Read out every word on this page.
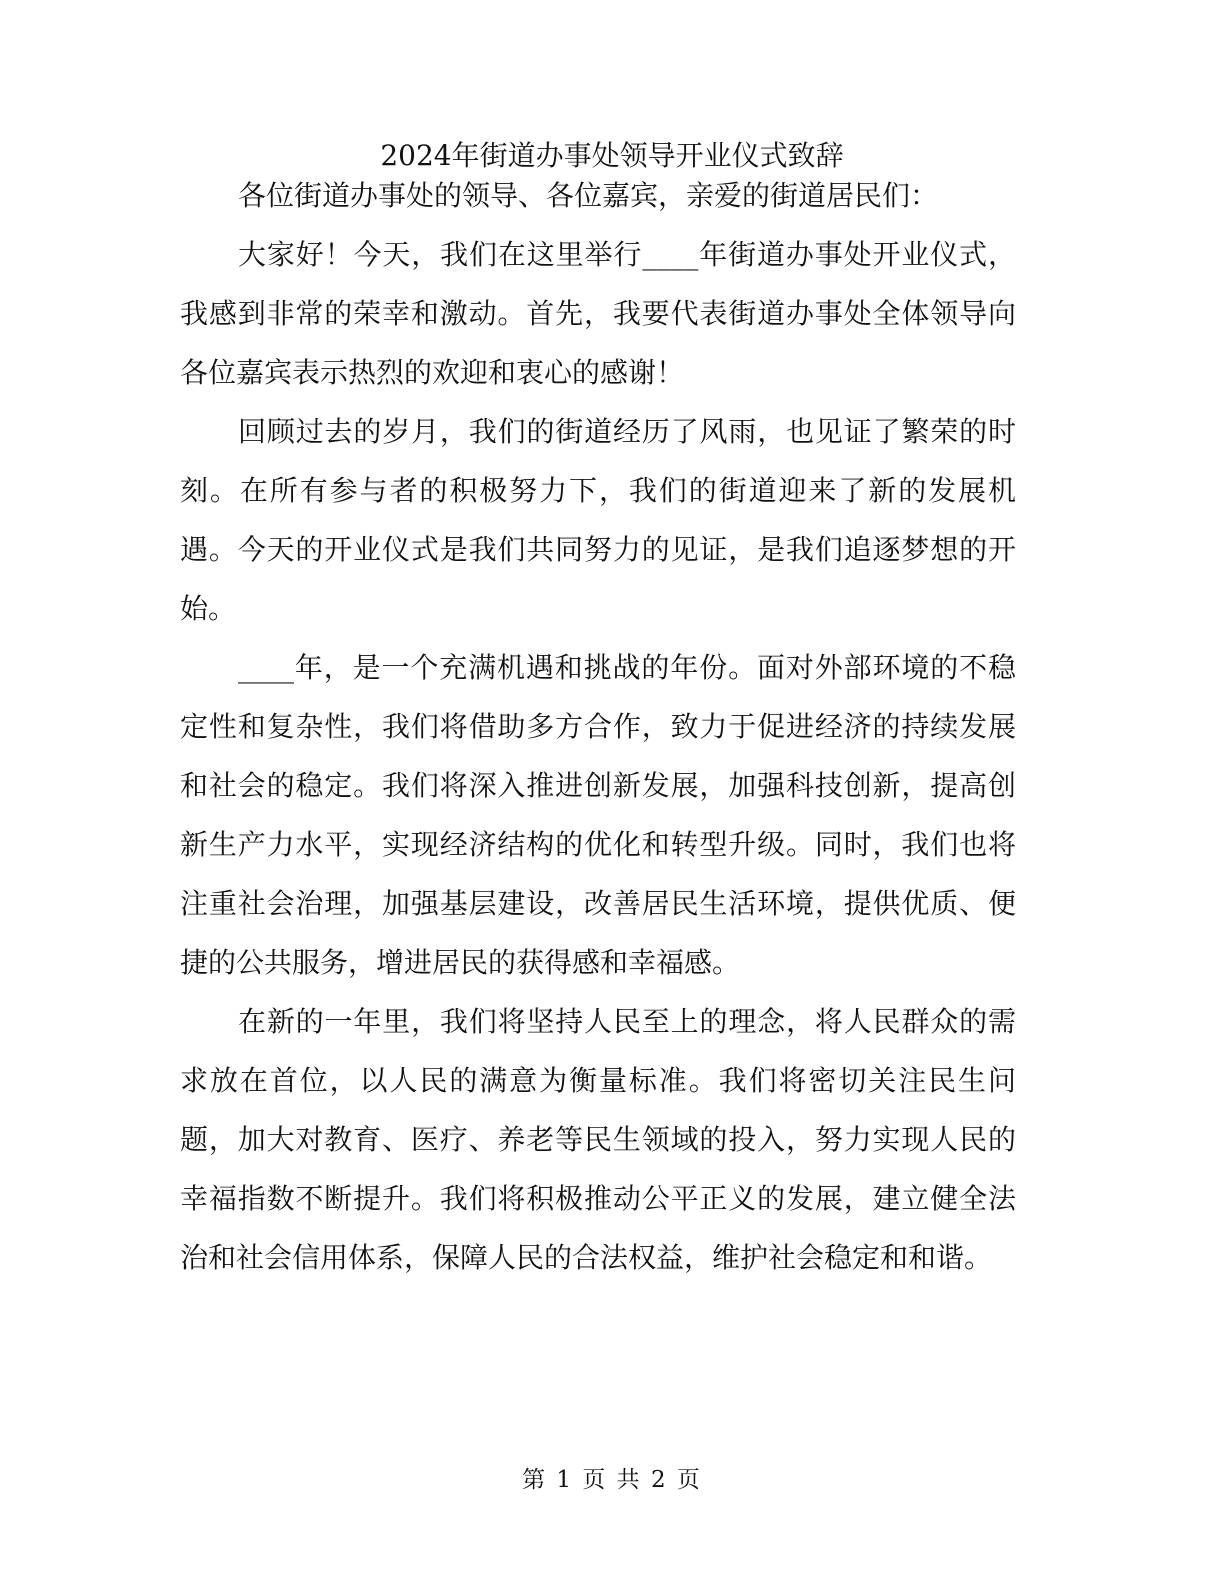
2024年街道办事处领导开业仪式致辞

各位街道办事处的领导、各位嘉宾，亲爱的街道居民们：

大家好！今天，我们在这里举行____年街道办事处开业仪式，我感到非常的荣幸和激动。首先，我要代表街道办事处全体领导向各位嘉宾表示热烈的欢迎和衷心的感谢！

回顾过去的岁月，我们的街道经历了风雨，也见证了繁荣的时刻。在所有参与者的积极努力下，我们的街道迎来了新的发展机遇。今天的开业仪式是我们共同努力的见证，是我们追逐梦想的开始。

____年，是一个充满机遇和挑战的年份。面对外部环境的不稳定性和复杂性，我们将借助多方合作，致力于促进经济的持续发展和社会的稳定。我们将深入推进创新发展，加强科技创新，提高创新生产力水平，实现经济结构的优化和转型升级。同时，我们也将注重社会治理，加强基层建设，改善居民生活环境，提供优质、便捷的公共服务，增进居民的获得感和幸福感。

在新的一年里，我们将坚持人民至上的理念，将人民群众的需求放在首位，以人民的满意为衡量标准。我们将密切关注民生问题，加大对教育、医疗、养老等民生领域的投入，努力实现人民的幸福指数不断提升。我们将积极推动公平正义的发展，建立健全法治和社会信用体系，保障人民的合法权益，维护社会稳定和和谐。

第 1 页 共 2 页
